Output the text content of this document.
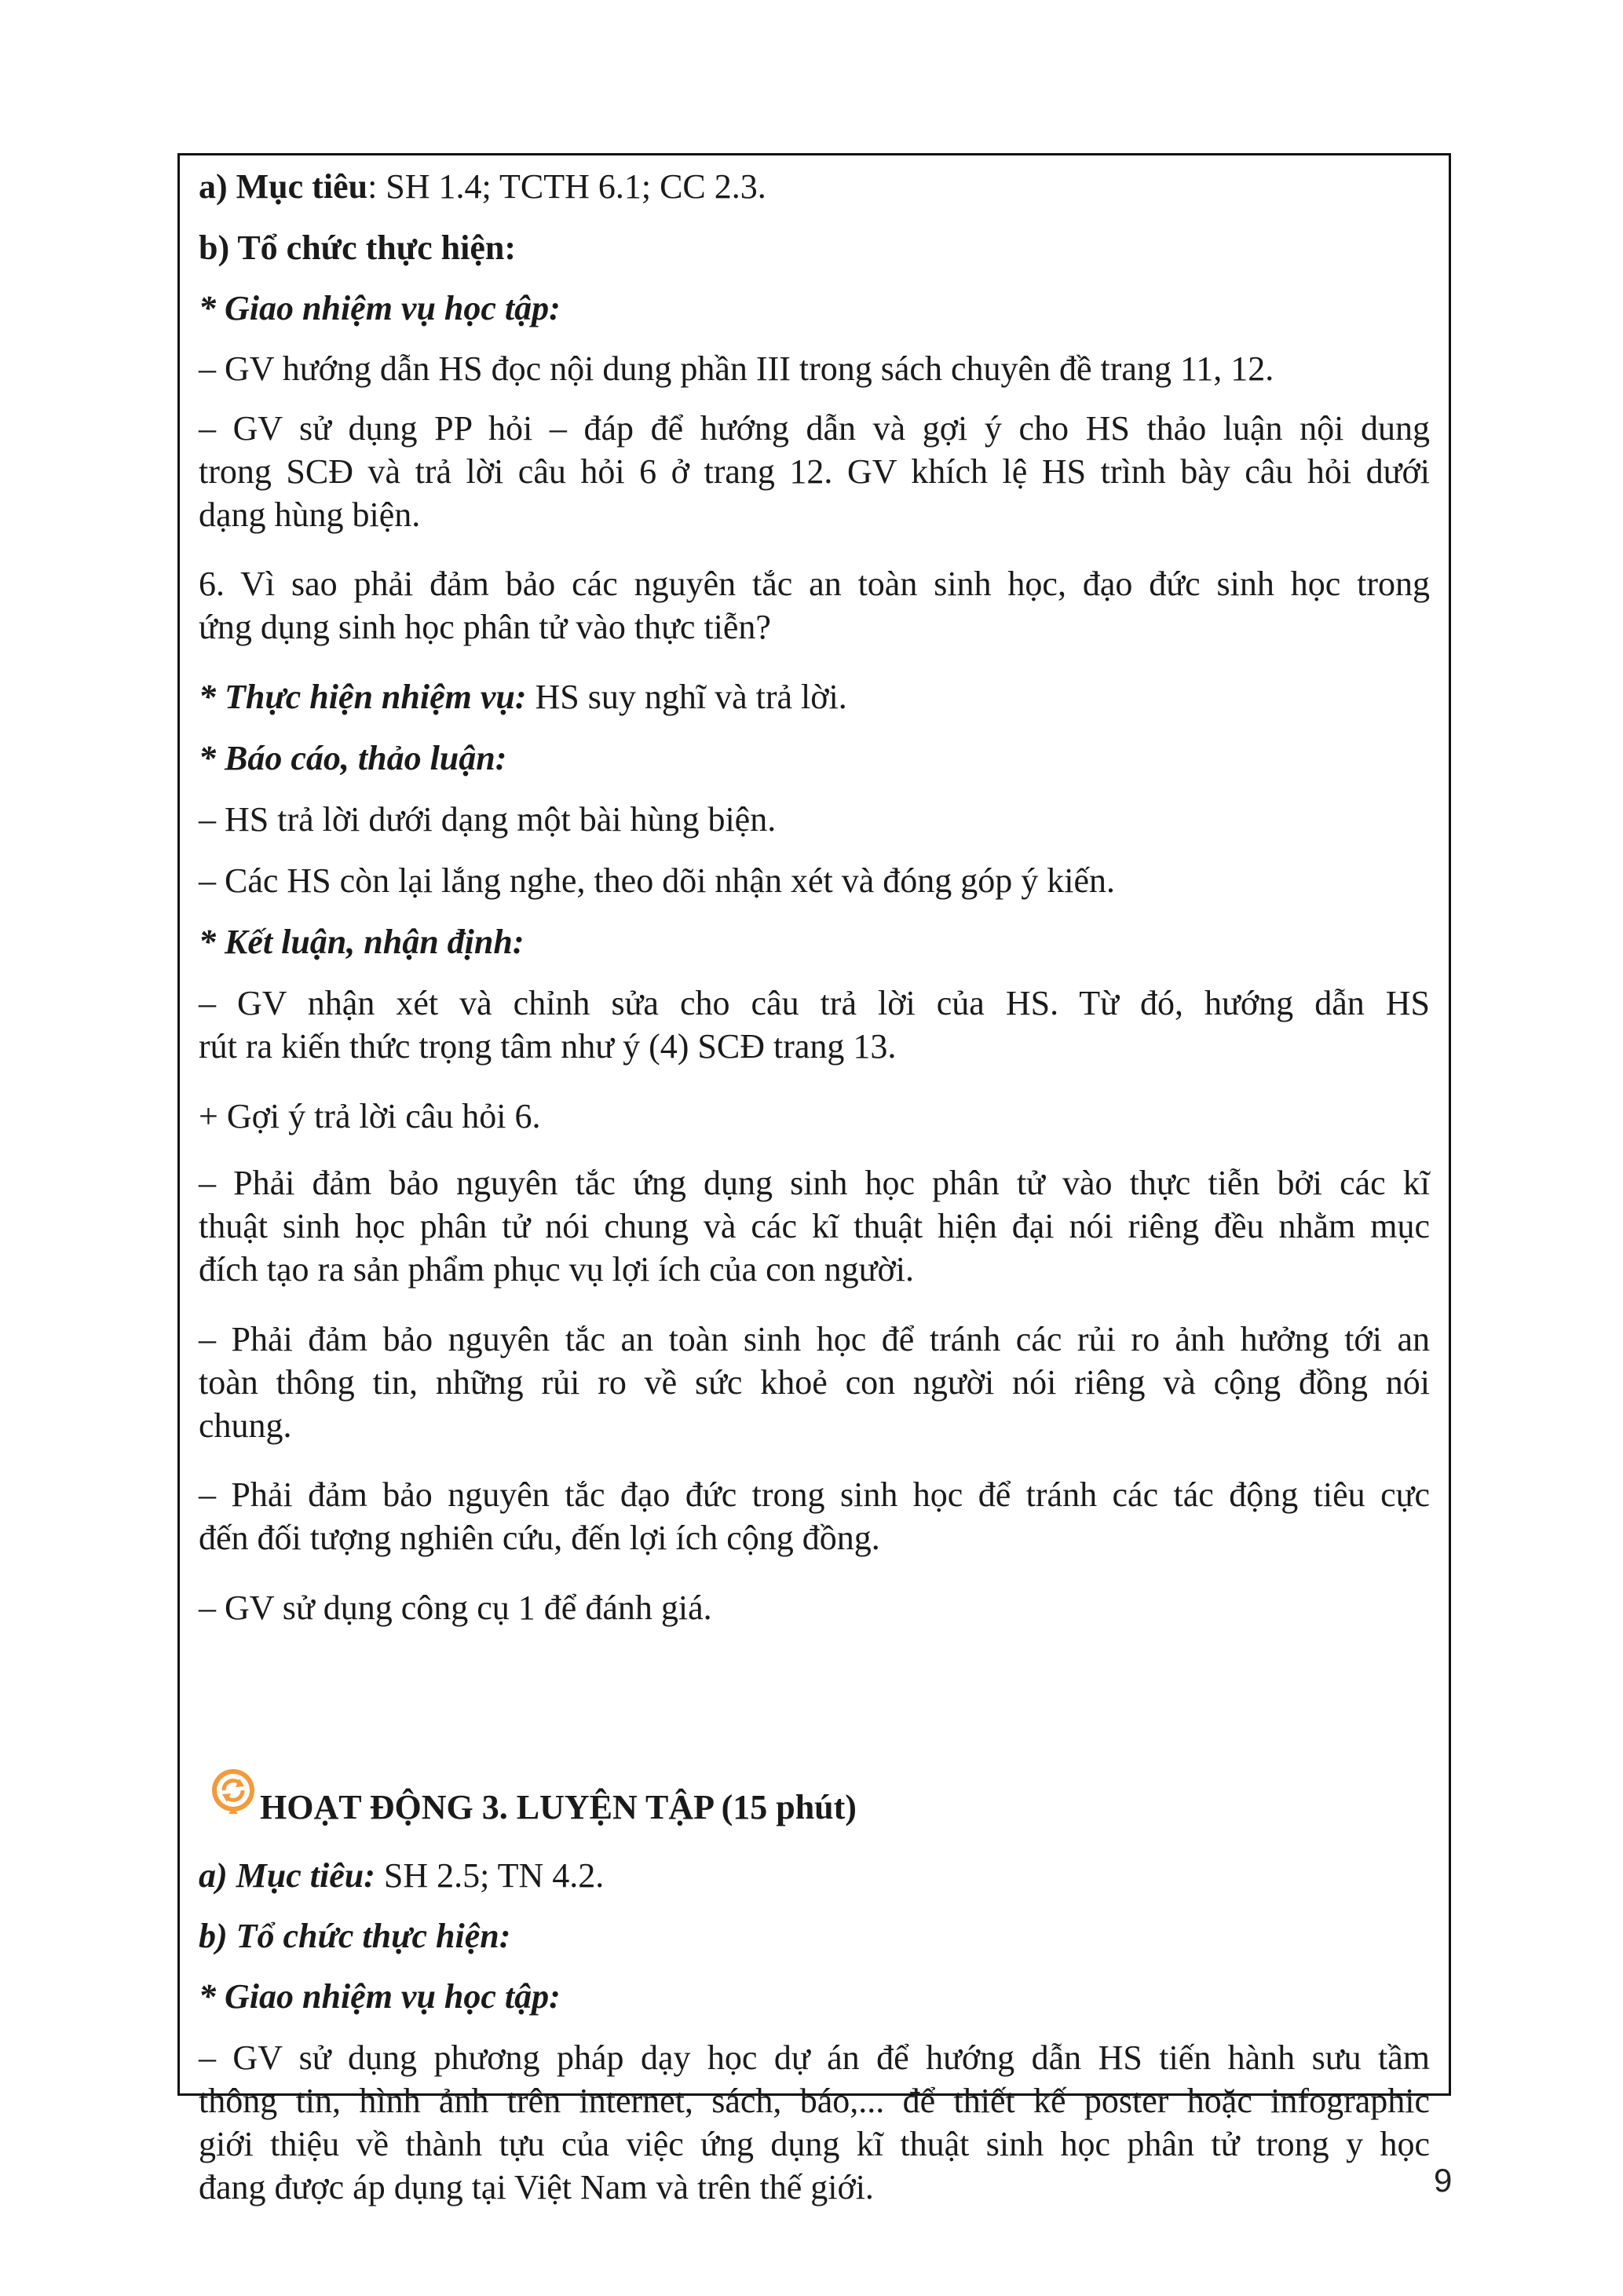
a) Mục tiêu: SH 1.4; TCTH 6.1; CC 2.3.

b) Tổ chức thực hiện:

* Giao nhiệm vụ học tập:

– GV hướng dẫn HS đọc nội dung phần III trong sách chuyên đề trang 11, 12.

– GV sử dụng PP hỏi – đáp để hướng dẫn và gợi ý cho HS thảo luận nội dung

trong SCĐ và trả lời câu hỏi 6 ở trang 12. GV khích lệ HS trình bày câu hỏi dưới

dạng hùng biện.

6. Vì sao phải đảm bảo các nguyên tắc an toàn sinh học, đạo đức sinh học trong

ứng dụng sinh học phân tử vào thực tiễn?

* Thực hiện nhiệm vụ: HS suy nghĩ và trả lời.

* Báo cáo, thảo luận:

– HS trả lời dưới dạng một bài hùng biện.

– Các HS còn lại lắng nghe, theo dõi nhận xét và đóng góp ý kiến.

* Kết luận, nhận định:

– GV nhận xét và chỉnh sửa cho câu trả lời của HS. Từ đó, hướng dẫn HS

rút ra kiến thức trọng tâm như ý (4) SCĐ trang 13.

+ Gợi ý trả lời câu hỏi 6.

– Phải đảm bảo nguyên tắc ứng dụng sinh học phân tử vào thực tiễn bởi các kĩ

thuật sinh học phân tử nói chung và các kĩ thuật hiện đại nói riêng đều nhằm mục

đích tạo ra sản phẩm phục vụ lợi ích của con người.

– Phải đảm bảo nguyên tắc an toàn sinh học để tránh các rủi ro ảnh hưởng tới an

toàn thông tin, những rủi ro về sức khoẻ con người nói riêng và cộng đồng nói

chung.

– Phải đảm bảo nguyên tắc đạo đức trong sinh học để tránh các tác động tiêu cực

đến đối tượng nghiên cứu, đến lợi ích cộng đồng.

– GV sử dụng công cụ 1 để đánh giá.

HOẠT ĐỘNG 3. LUYỆN TẬP (15 phút)

a) Mục tiêu: SH 2.5; TN 4.2.

b) Tổ chức thực hiện:

* Giao nhiệm vụ học tập:

– GV sử dụng phương pháp dạy học dự án để hướng dẫn HS tiến hành sưu tầm

thông tin, hình ảnh trên internet, sách, báo,... để thiết kế poster hoặc infographic

giới thiệu về thành tựu của việc ứng dụng kĩ thuật sinh học phân tử trong y học

đang được áp dụng tại Việt Nam và trên thế giới.	9
